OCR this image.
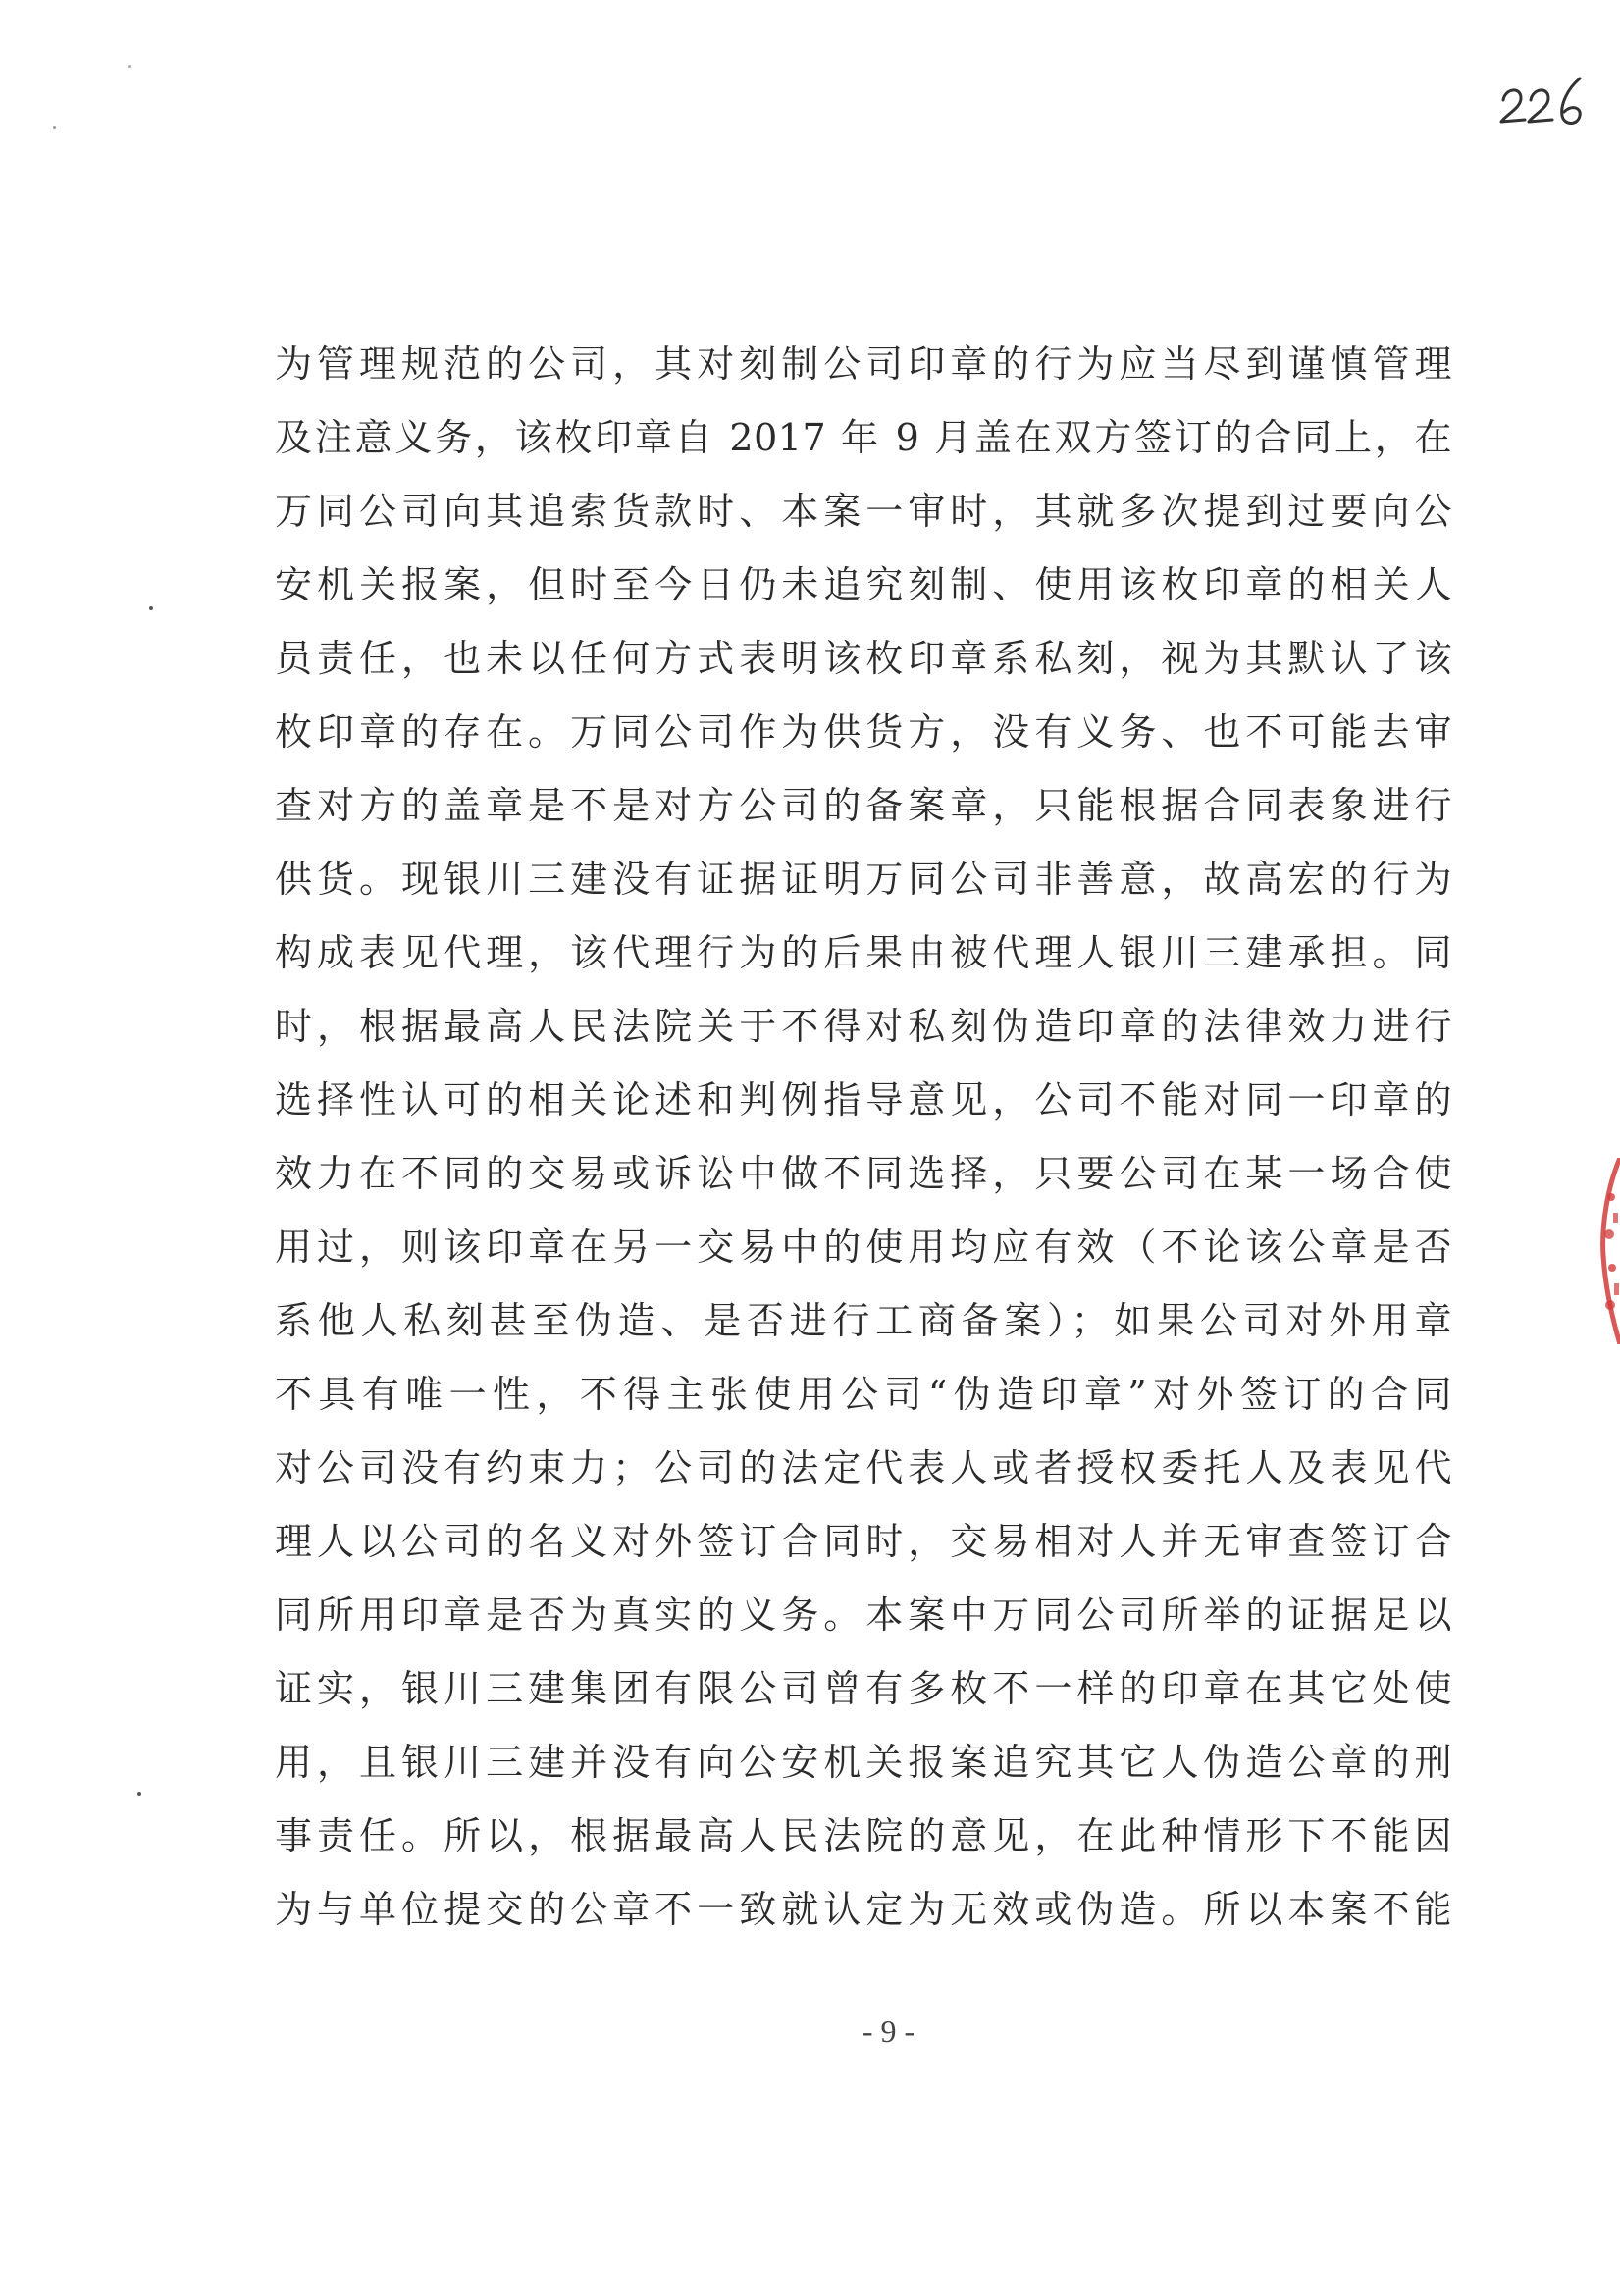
为管理规范的公司，其对刻制公司印章的行为应当尽到谨慎管理
及注意义务，该枚印章自 2017 年 9 月盖在双方签订的合同上，在
万同公司向其追索货款时、本案一审时，其就多次提到过要向公
安机关报案，但时至今日仍未追究刻制、使用该枚印章的相关人
员责任，也未以任何方式表明该枚印章系私刻，视为其默认了该
枚印章的存在。万同公司作为供货方，没有义务、也不可能去审
查对方的盖章是不是对方公司的备案章，只能根据合同表象进行
供货。现银川三建没有证据证明万同公司非善意，故高宏的行为
构成表见代理，该代理行为的后果由被代理人银川三建承担。同
时，根据最高人民法院关于不得对私刻伪造印章的法律效力进行
选择性认可的相关论述和判例指导意见，公司不能对同一印章的
效力在不同的交易或诉讼中做不同选择，只要公司在某一场合使
用过，则该印章在另一交易中的使用均应有效（不论该公章是否
系他人私刻甚至伪造、是否进行工商备案）；如果公司对外用章
不具有唯一性，不得主张使用公司“伪造印章”对外签订的合同
对公司没有约束力；公司的法定代表人或者授权委托人及表见代
理人以公司的名义对外签订合同时，交易相对人并无审查签订合
同所用印章是否为真实的义务。本案中万同公司所举的证据足以
证实，银川三建集团有限公司曾有多枚不一样的印章在其它处使
用，且银川三建并没有向公安机关报案追究其它人伪造公章的刑
事责任。所以，根据最高人民法院的意见，在此种情形下不能因
为与单位提交的公章不一致就认定为无效或伪造。所以本案不能
- 9 -
